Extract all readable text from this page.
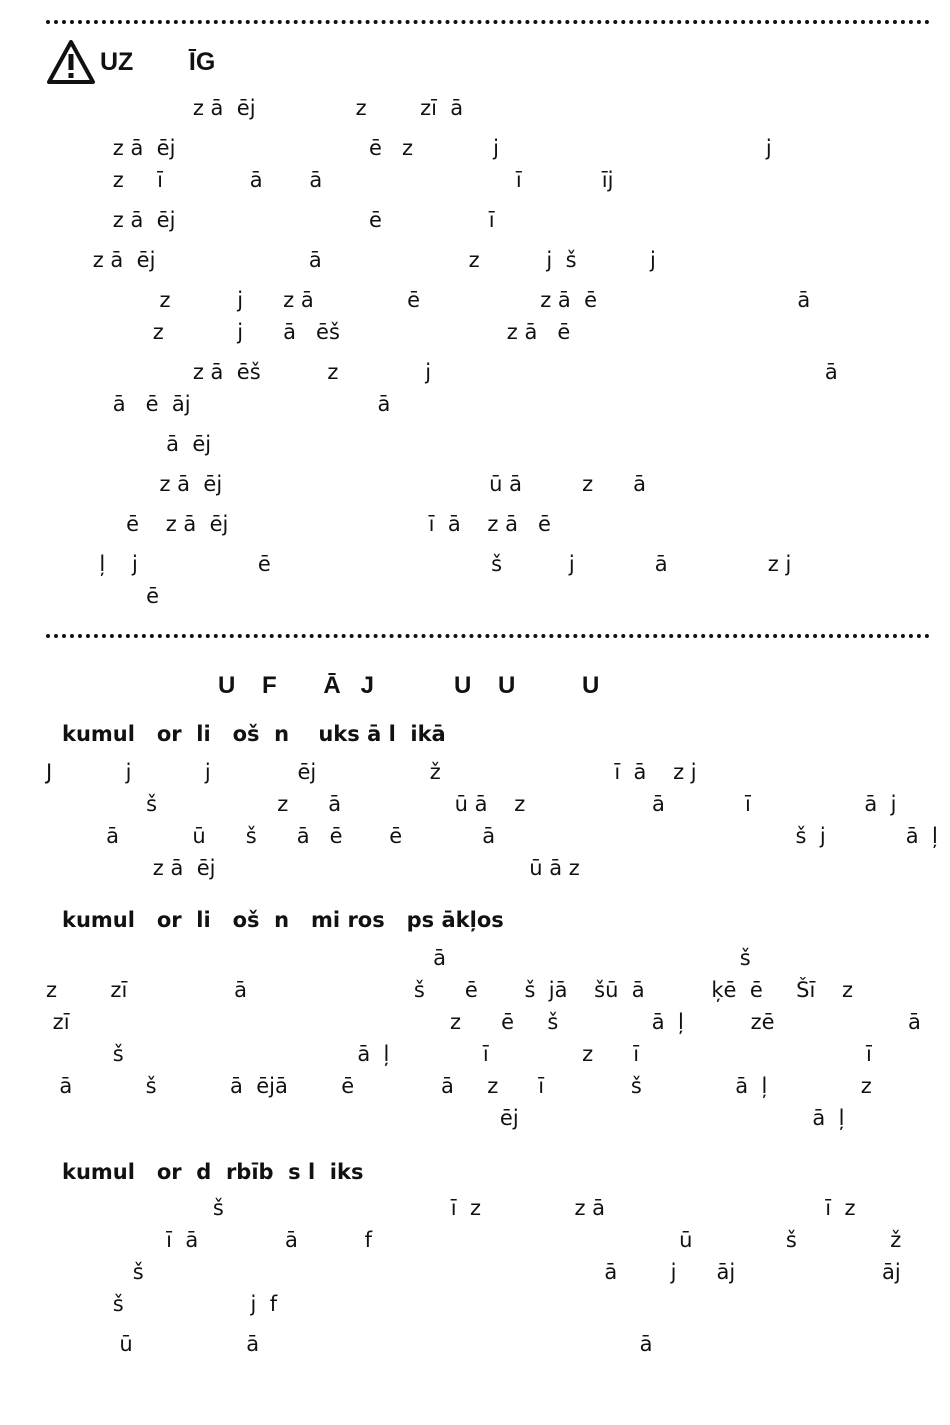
UZ        ĪG
z ā  ēj               z        zī  ā
z ā  ēj                             ē   z            j                                        j
z     ī             ā       ā                             ī            īj
z ā  ēj                             ē                ī
z ā  ēj                       ā                      z          j  š           j
z          j      z ā              ē                  z ā  ē                              ā
z           j      ā   ēš                         z ā   ē
z ā  ēš          z             j                                                           ā
ā   ē  āj                            ā
ā  ēj
z ā  ēj                                        ū ā         z      ā
ē    z ā  ēj                              ī  ā    z ā   ē
ļ    j                  ē                                 š          j            ā               z j
ē
U    F       Ā   J            U    U          U
kumul   or  li   oš  n    uks ā l  ikā
J           j           j             ēj                 ž                          ī  ā    z j
š                  z      ā                 ū ā    z                   ā            ī                 ā  j
ā           ū      š      ā   ē       ē            ā                                             š  j            ā  ļ
z ā  ēj                                               ū ā z
kumul   or  li   oš  n   mi ros   ps ākļos
ā                                            š
z        zī                ā                         š      ē       š  jā    šū  ā          ķē  ē     Šī    z
zī                                                         z      ē     š              ā  ļ          zē                    ā
š                                   ā  ļ              ī              z      ī                                  ī
ā           š           ā  ējā        ē             ā     z      ī             š              ā  ļ              z
ēj                                            ā  ļ
kumul   or  d  rbīb  s l  iks
š                                  ī  z              z ā                                 ī  z
ī  ā             ā          f                                              ū              š              ž
š                                                                     ā        j      āj                      āj
š                   j  f
ū                 ā                                                         ā
